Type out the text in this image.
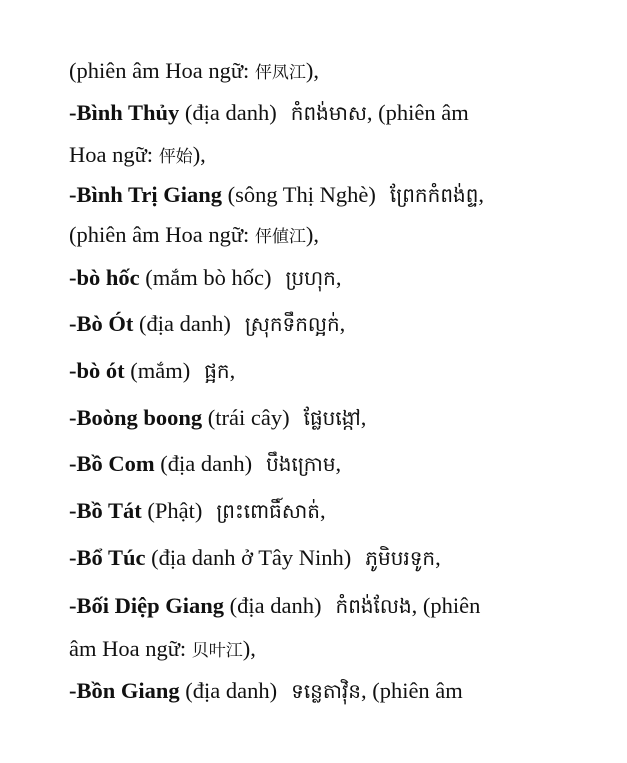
(phiên âm Hoa ngữ: 伻凤江),
-Bình Thủy (địa danh) កំពង់មាស, (phiên âm
Hoa ngữ: 伻始),
-Bình Trị Giang (sông Thị Nghè) ព្រែកកំពង់ព្ទ,
(phiên âm Hoa ngữ: 伻値江),
-bò hốc (mắm bò hốc) ប្រហុក,
-Bò Ót (địa danh) ស្រុកទឹកល្អក់,
-bò ót (mắm) ផ្អក,
-Boòng boong (trái cây) ផ្លែបង្កៅ,
-Bồ Com (địa danh) បឹងក្រោម,
-Bồ Tát (Phật) ព្រះពោធិ៍សាត់,
-Bổ Túc (địa danh ở Tây Ninh) ភូមិបរទូក,
-Bối Diệp Giang (địa danh) កំពង់លែង, (phiên
âm Hoa ngữ: 贝叶江),
-Bồn Giang (địa danh) ទន្លេតាវ៉ិន, (phiên âm
